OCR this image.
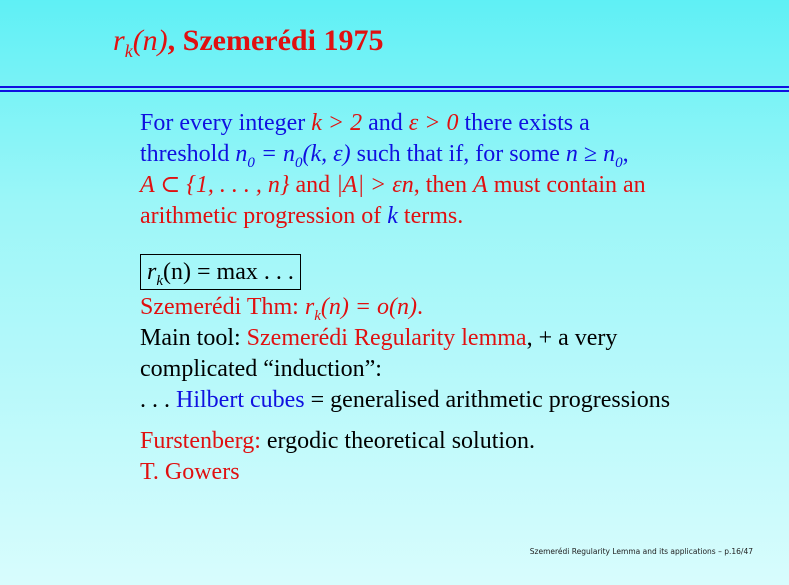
$r_k(n)$, Szemerédi 1975
For every integer k > 2 and ε > 0 there exists a
threshold $n_0 = n_0(k$, ε) such that if, for some $n \ge n_0$,
A ⊂ {1, . . . , n} and |A| > εn, then A must contain an
arithmetic progression of k terms.
$r_k(n) = \max$ . . .
Szemerédi Thm: $r_k(n) = o(n)$.
Main tool: Szemerédi Regularity lemma, + a very
complicated “induction”:
. . . Hilbert cubes = generalised arithmetic progressions
Furstenberg: ergodic theoretical solution.
T. Gowers
Szemerédi Regularity Lemma and its applications – p.16/47
